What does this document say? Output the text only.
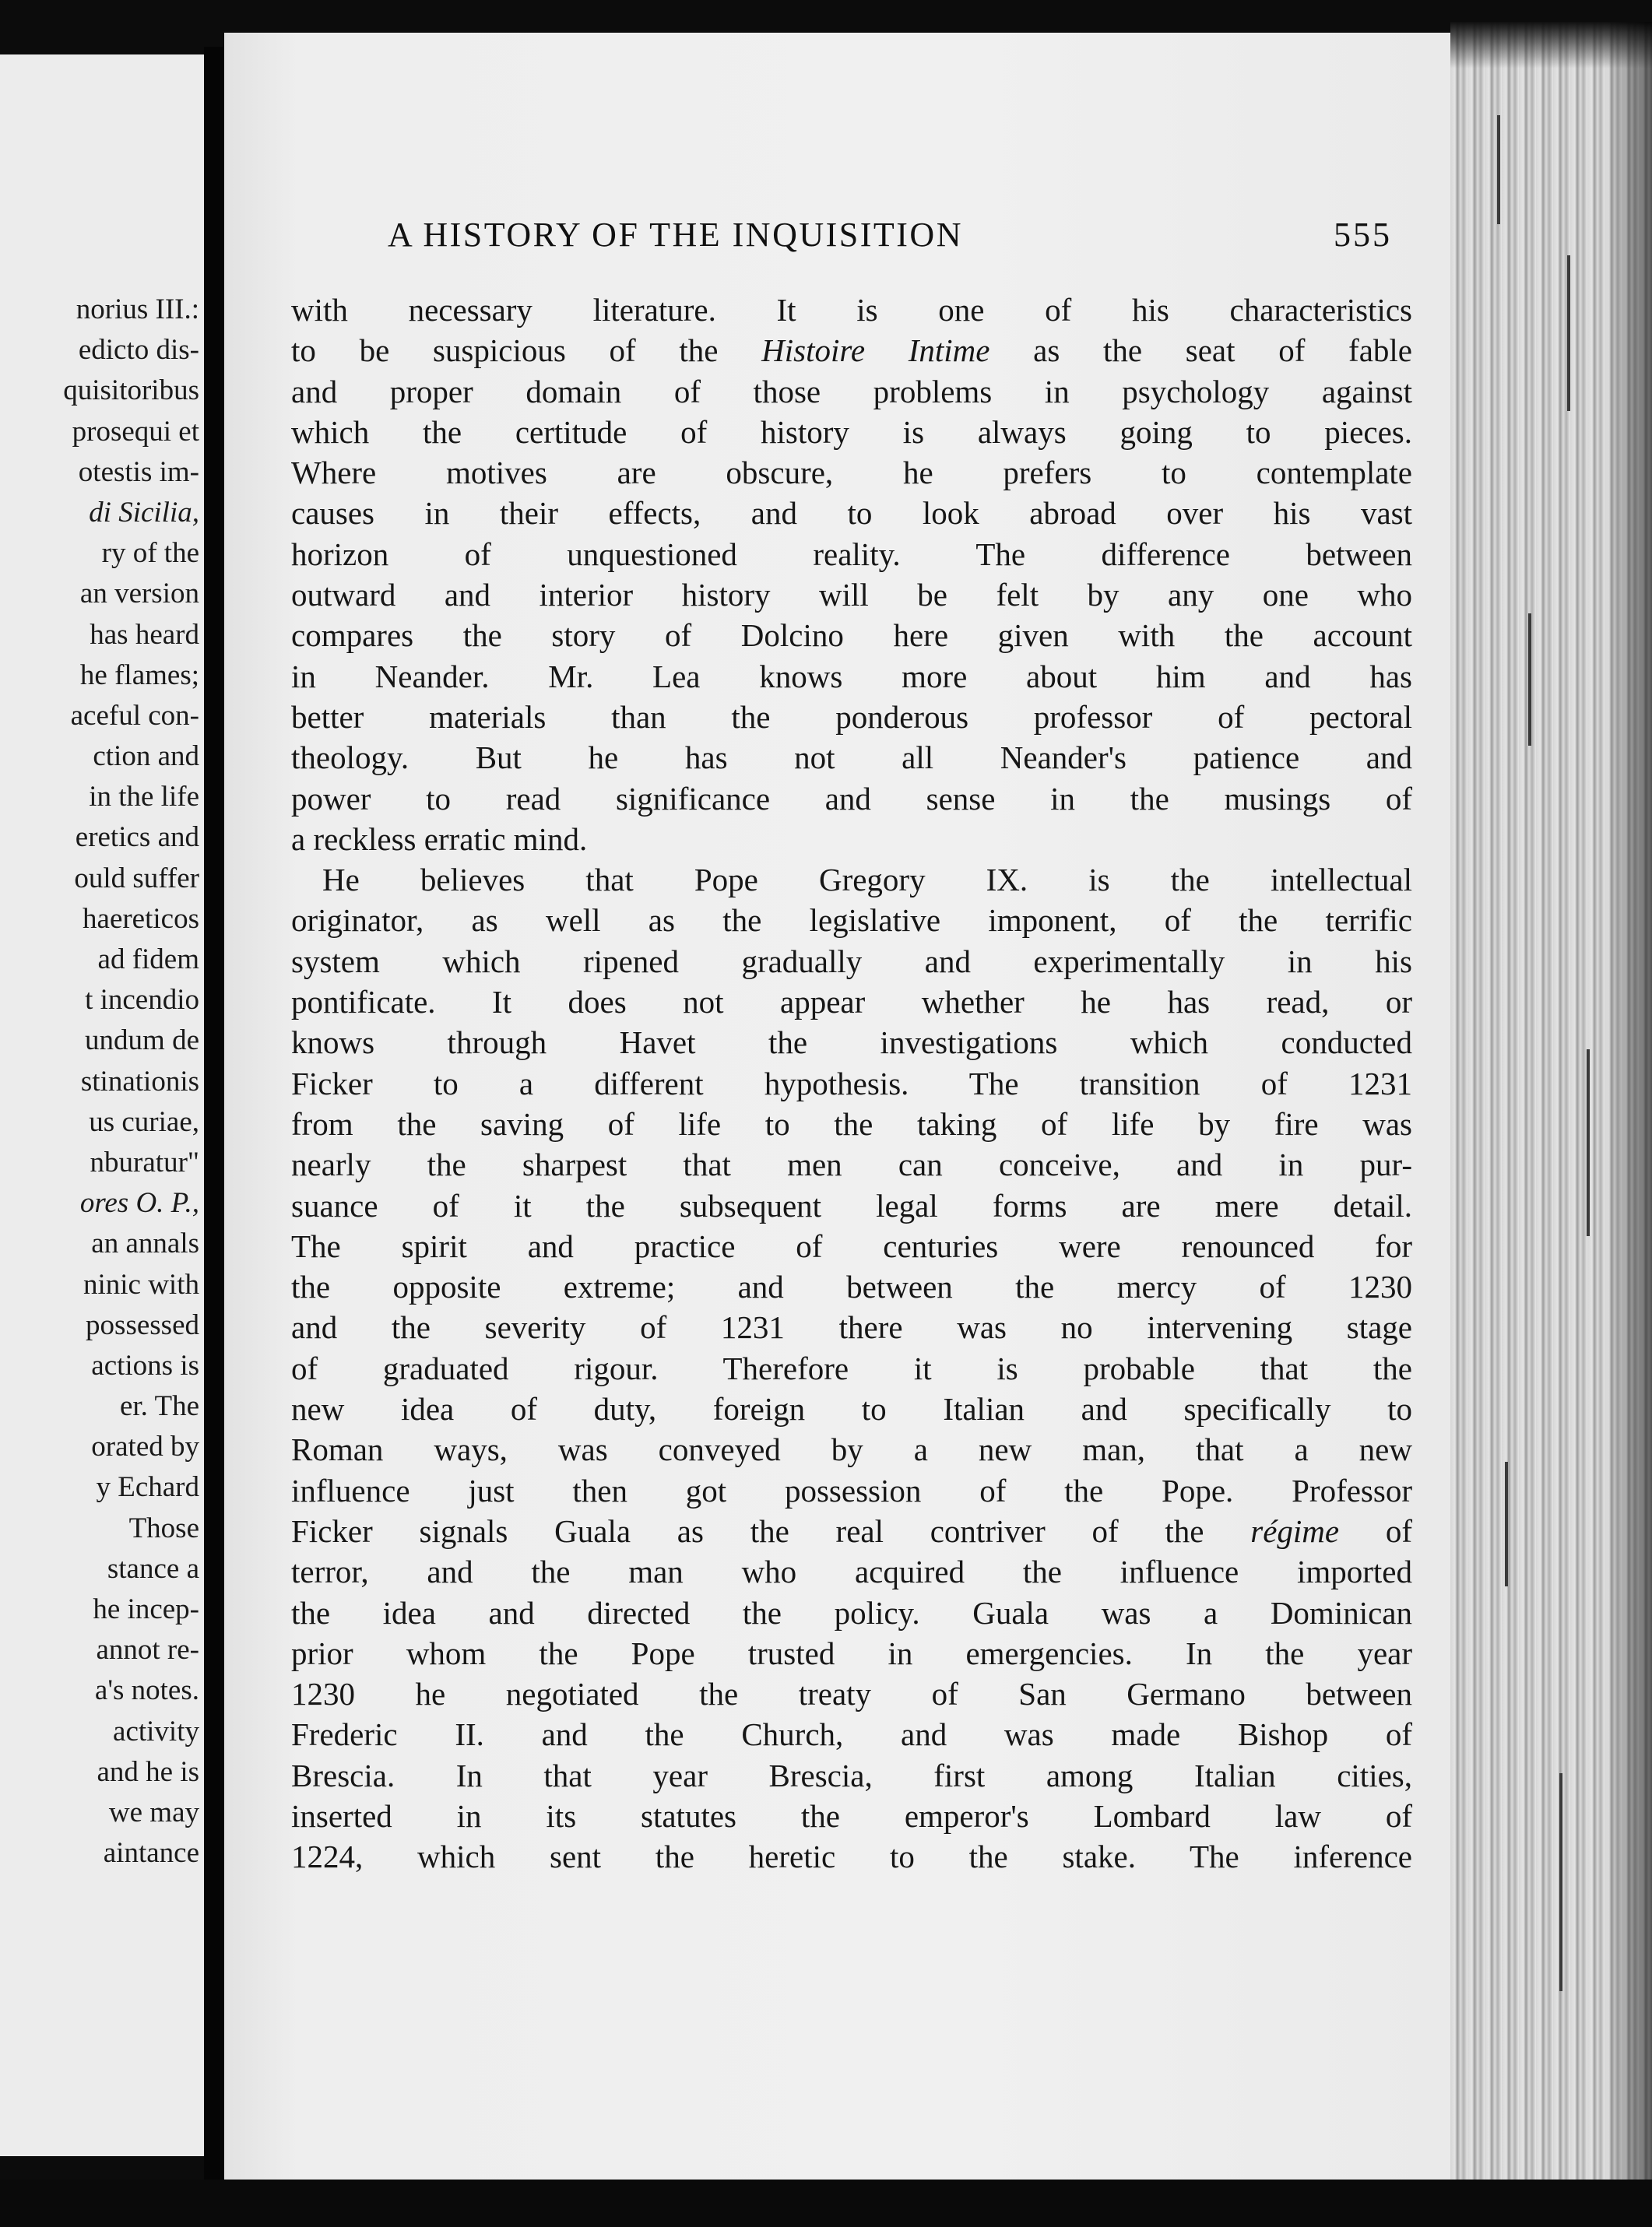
norius III.:
edicto dis-
quisitoribus
prosequi et
otestis im-
di Sicilia,
ry of the
an version
has heard
he flames;
aceful con-
ction and
in the life
eretics and
ould suffer
haereticos
ad fidem
t incendio
undum de
stinationis
us curiae,
nburatur"
ores O. P.,
an annals
ninic with
possessed
actions is
er. The
orated by
y Echard
Those
stance a
he incep-
annot re-
a's notes.
activity
and he is
we may
aintance
A HISTORY OF THE INQUISITION	555
with necessary literature. It is one of his characteristics
to be suspicious of the Histoire Intime as the seat of fable
and proper domain of those problems in psychology against
which the certitude of history is always going to pieces.
Where motives are obscure, he prefers to contemplate
causes in their effects, and to look abroad over his vast
horizon of unquestioned reality. The difference between
outward and interior history will be felt by any one who
compares the story of Dolcino here given with the account
in Neander. Mr. Lea knows more about him and has
better materials than the ponderous professor of pectoral
theology. But he has not all Neander's patience and
power to read significance and sense in the musings of
a reckless erratic mind.
He believes that Pope Gregory IX. is the intellectual
originator, as well as the legislative imponent, of the terrific
system which ripened gradually and experimentally in his
pontificate. It does not appear whether he has read, or
knows through Havet the investigations which conducted
Ficker to a different hypothesis. The transition of 1231
from the saving of life to the taking of life by fire was
nearly the sharpest that men can conceive, and in pur-
suance of it the subsequent legal forms are mere detail.
The spirit and practice of centuries were renounced for
the opposite extreme; and between the mercy of 1230
and the severity of 1231 there was no intervening stage
of graduated rigour. Therefore it is probable that the
new idea of duty, foreign to Italian and specifically to
Roman ways, was conveyed by a new man, that a new
influence just then got possession of the Pope. Professor
Ficker signals Guala as the real contriver of the régime of
terror, and the man who acquired the influence imported
the idea and directed the policy. Guala was a Dominican
prior whom the Pope trusted in emergencies. In the year
1230 he negotiated the treaty of San Germano between
Frederic II. and the Church, and was made Bishop of
Brescia. In that year Brescia, first among Italian cities,
inserted in its statutes the emperor's Lombard law of
1224, which sent the heretic to the stake. The inference
